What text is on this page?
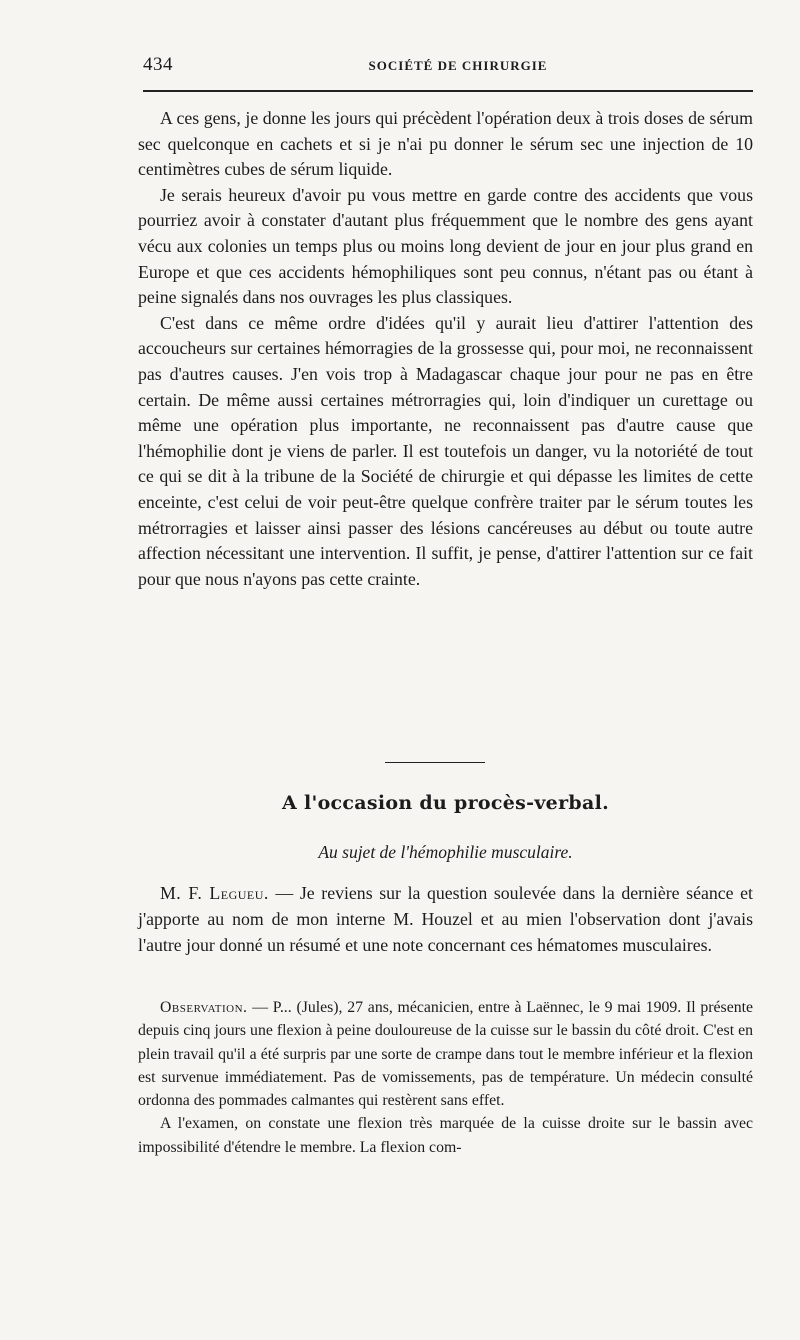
434	SOCIÉTÉ DE CHIRURGIE

A ces gens, je donne les jours qui précèdent l'opération deux à trois doses de sérum sec quelconque en cachets et si je n'ai pu donner le sérum sec une injection de 10 centimètres cubes de sérum liquide.

Je serais heureux d'avoir pu vous mettre en garde contre des accidents que vous pourriez avoir à constater d'autant plus fréquemment que le nombre des gens ayant vécu aux colonies un temps plus ou moins long devient de jour en jour plus grand en Europe et que ces accidents hémophiliques sont peu connus, n'étant pas ou étant à peine signalés dans nos ouvrages les plus classiques.

C'est dans ce même ordre d'idées qu'il y aurait lieu d'attirer l'attention des accoucheurs sur certaines hémorragies de la grossesse qui, pour moi, ne reconnaissent pas d'autres causes. J'en vois trop à Madagascar chaque jour pour ne pas en être certain. De même aussi certaines métrorragies qui, loin d'indiquer un curettage ou même une opération plus importante, ne reconnaissent pas d'autre cause que l'hémophilie dont je viens de parler. Il est toutefois un danger, vu la notoriété de tout ce qui se dit à la tribune de la Société de chirurgie et qui dépasse les limites de cette enceinte, c'est celui de voir peut-être quelque confrère traiter par le sérum toutes les métrorragies et laisser ainsi passer des lésions cancéreuses au début ou toute autre affection nécessitant une intervention. Il suffit, je pense, d'attirer l'attention sur ce fait pour que nous n'ayons pas cette crainte.

A l'occasion du procès-verbal.
Au sujet de l'hémophilie musculaire.

M. F. Legueu. — Je reviens sur la question soulevée dans la dernière séance et j'apporte au nom de mon interne M. Houzel et au mien l'observation dont j'avais l'autre jour donné un résumé et une note concernant ces hématomes musculaires.

Observation. — P... (Jules), 27 ans, mécanicien, entre à Laënnec, le 9 mai 1909. Il présente depuis cinq jours une flexion à peine douloureuse de la cuisse sur le bassin du côté droit. C'est en plein travail qu'il a été surpris par une sorte de crampe dans tout le membre inférieur et la flexion est survenue immédiatement. Pas de vomissements, pas de température. Un médecin consulté ordonna des pommades calmantes qui restèrent sans effet.

A l'examen, on constate une flexion très marquée de la cuisse droite sur le bassin avec impossibilité d'étendre le membre. La flexion com-
